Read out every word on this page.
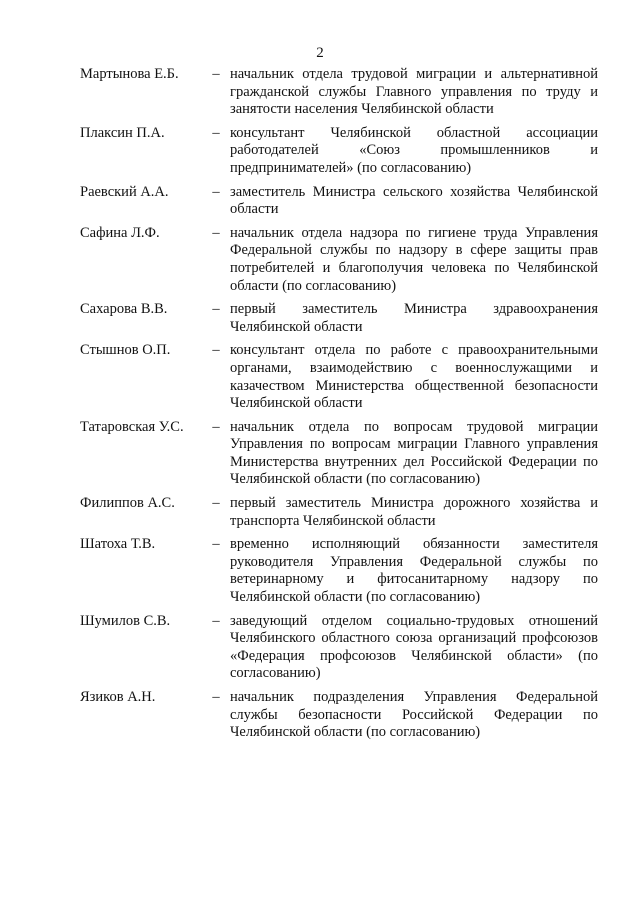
2
Мартынова Е.Б.	– начальник отдела трудовой миграции и альтернативной гражданской службы Главного управления по труду и занятости населения Челябинской области
Плаксин П.А.	– консультант Челябинской областной ассоциации работодателей «Союз промышленников и предпринимателей» (по согласованию)
Раевский А.А.	– заместитель Министра сельского хозяйства Челябинской области
Сафина Л.Ф.	– начальник отдела надзора по гигиене труда Управления Федеральной службы по надзору в сфере защиты прав потребителей и благополучия человека по Челябинской области (по согласованию)
Сахарова В.В.	– первый заместитель Министра здравоохранения Челябинской области
Стышнов О.П.	– консультант отдела по работе с правоохранительными органами, взаимодействию с военнослужащими и казачеством Министерства общественной безопасности Челябинской области
Татаровская У.С.	– начальник отдела по вопросам трудовой миграции Управления по вопросам миграции Главного управления Министерства внутренних дел Российской Федерации по Челябинской области (по согласованию)
Филиппов А.С.	– первый заместитель Министра дорожного хозяйства и транспорта Челябинской области
Шатоха Т.В.	– временно исполняющий обязанности заместителя руководителя Управления Федеральной службы по ветеринарному и фитосанитарному надзору по Челябинской области (по согласованию)
Шумилов С.В.	– заведующий отделом социально-трудовых отношений Челябинского областного союза организаций профсоюзов «Федерация профсоюзов Челябинской области» (по согласованию)
Язиков А.Н.	– начальник подразделения Управления Федеральной службы безопасности Российской Федерации по Челябинской области (по согласованию)
